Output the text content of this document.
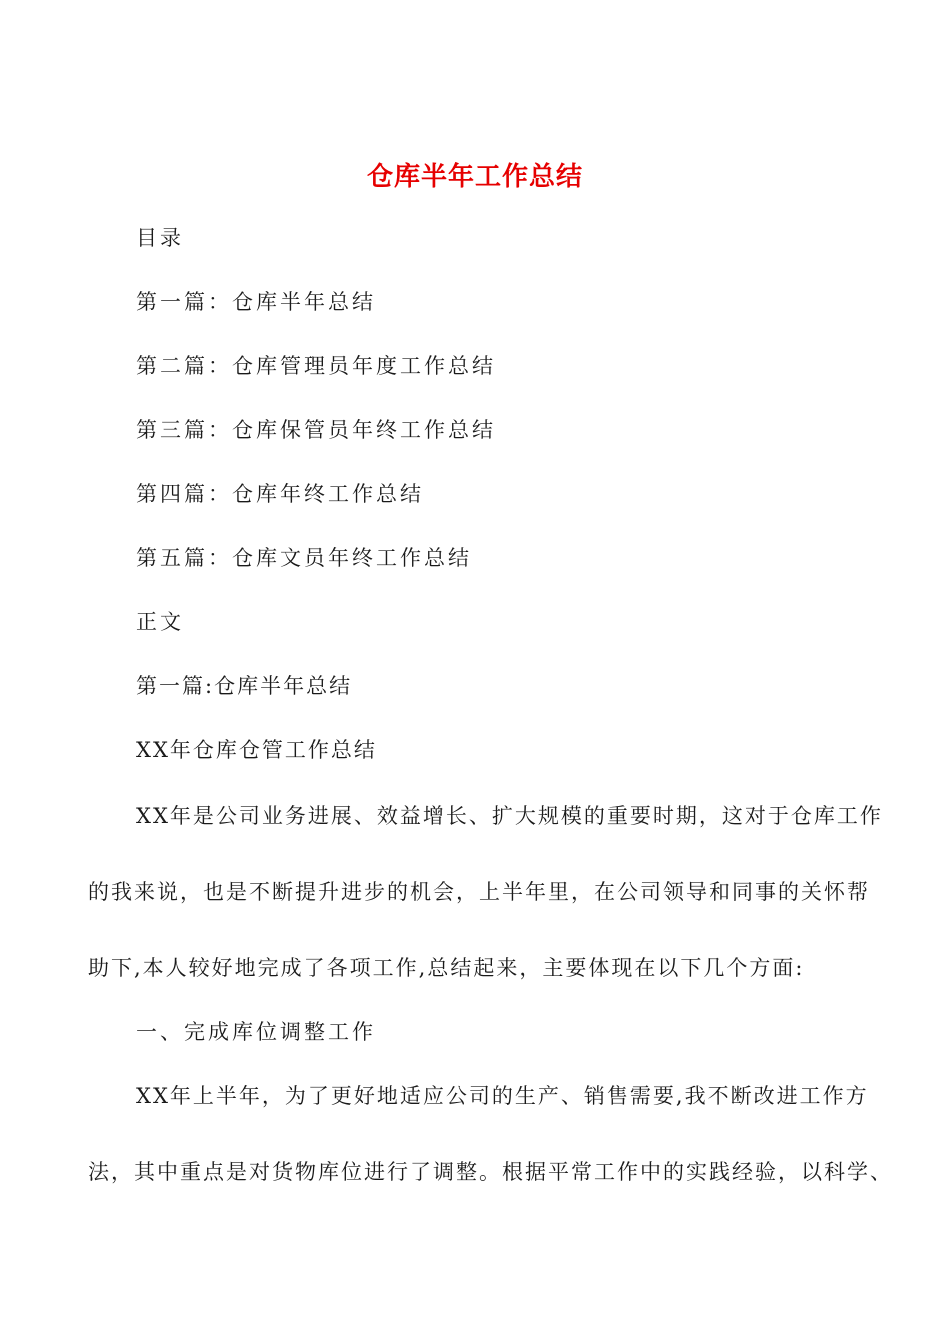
仓库半年工作总结
目录
第一篇：仓库半年总结
第二篇：仓库管理员年度工作总结
第三篇：仓库保管员年终工作总结
第四篇：仓库年终工作总结
第五篇：仓库文员年终工作总结
正文
第一篇:仓库半年总结
XX年仓库仓管工作总结
XX年是公司业务进展、效益增长、扩大规模的重要时期，这对于仓库工作
的我来说，也是不断提升进步的机会，上半年里，在公司领导和同事的关怀帮
助下,本人较好地完成了各项工作,总结起来，主要体现在以下几个方面:
一、完成库位调整工作
XX年上半年，为了更好地适应公司的生产、销售需要,我不断改进工作方
法，其中重点是对货物库位进行了调整。根据平常工作中的实践经验，以科学、
